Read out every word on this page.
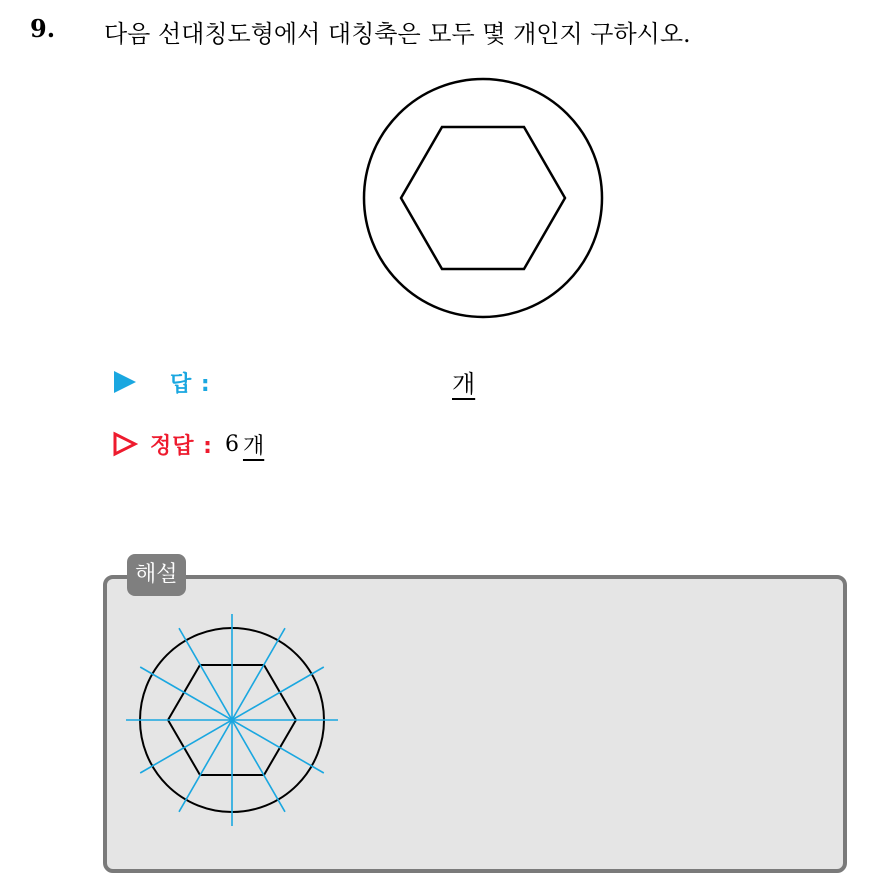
9. 다음 선대칭도형에서 대칭축은 모두 몇 개인지 구하시오.
답 :	개
정답 : 6 개
해설
